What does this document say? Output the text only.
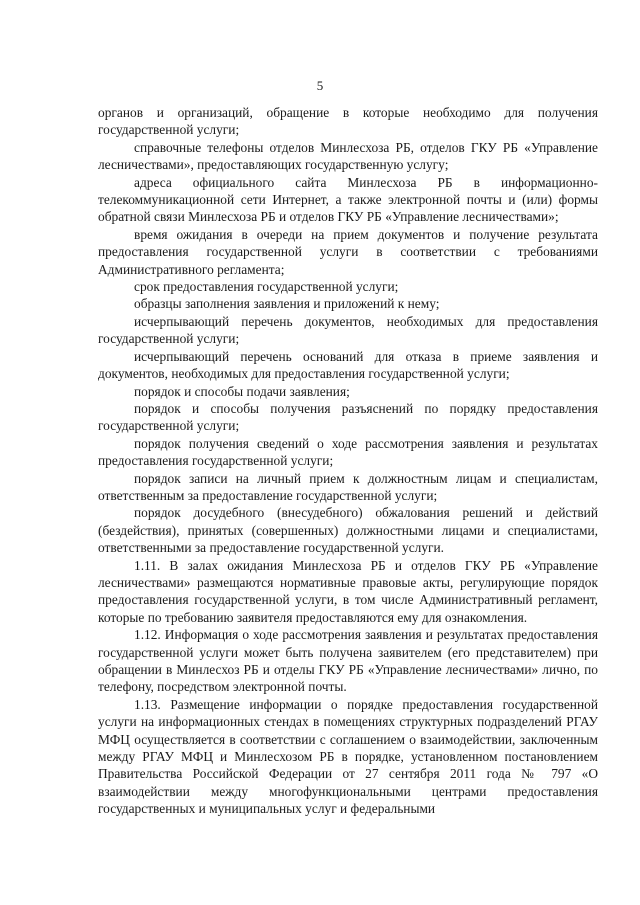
5

органов и организаций, обращение в которые необходимо для получения государственной услуги;

справочные телефоны отделов Минлесхоза РБ, отделов ГКУ РБ «Управление лесничествами», предоставляющих государственную услугу;

адреса официального сайта Минлесхоза РБ в информационно-телекоммуникационной сети Интернет, а также электронной почты и (или) формы обратной связи Минлесхоза РБ и отделов ГКУ РБ «Управление лесничествами»;

время ожидания в очереди на прием документов и получение результата предоставления государственной услуги в соответствии с требованиями Административного регламента;

срок предоставления государственной услуги;

образцы заполнения заявления и приложений к нему;

исчерпывающий перечень документов, необходимых для предоставления государственной услуги;

исчерпывающий перечень оснований для отказа в приеме заявления и документов, необходимых для предоставления государственной услуги;

порядок и способы подачи заявления;

порядок и способы получения разъяснений по порядку предоставления государственной услуги;

порядок получения сведений о ходе рассмотрения заявления и результатах предоставления государственной услуги;

порядок записи на личный прием к должностным лицам и специалистам, ответственным за предоставление государственной услуги;

порядок досудебного (внесудебного) обжалования решений и действий (бездействия), принятых (совершенных) должностными лицами и специалистами, ответственными за предоставление государственной услуги.

1.11. В залах ожидания Минлесхоза РБ и отделов ГКУ РБ «Управление лесничествами» размещаются нормативные правовые акты, регулирующие порядок предоставления государственной услуги, в том числе Административный регламент, которые по требованию заявителя предоставляются ему для ознакомления.

1.12. Информация о ходе рассмотрения заявления и результатах предоставления государственной услуги может быть получена заявителем (его представителем) при обращении в Минлесхоз РБ и отделы ГКУ РБ «Управление лесничествами» лично, по телефону, посредством электронной почты.

1.13. Размещение информации о порядке предоставления государственной услуги на информационных стендах в помещениях структурных подразделений РГАУ МФЦ осуществляется в соответствии с соглашением о взаимодействии, заключенным между РГАУ МФЦ и Минлесхозом РБ в порядке, установленном постановлением Правительства Российской Федерации от 27 сентября 2011 года № 797 «О взаимодействии между многофункциональными центрами предоставления государственных и муниципальных услуг и федеральными
